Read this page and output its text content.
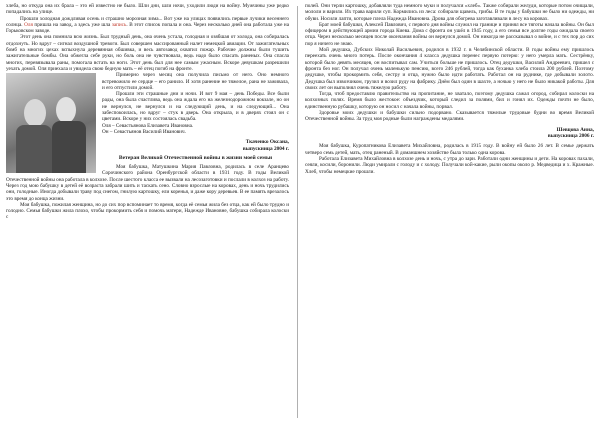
хлеба, но откуда она их брала – это ей известно не было. Шли дни, шли ночи, уходили люди на войну. Мужчины уже редко попадались на улице.

Прошли холодная дождливая осень и страшно морозная зима... Вот уже на улицах появились первые лучики весеннего солнца. Оля пришла на завод, а здесь уже шла запись. В этот список попала и она. Через несколько дней она работала уже на Горьковском заводе.

Этот день она помнила всю жизнь. Был трудный день, она очень устала, голодная и озябшая от холода, она собиралась отдохнуть. Но вдруг – сигнал воздушной тревоги. Был совершен массированный налет немецкой авиации. От зажигательных бомб на многих цехах вспыхнула деревянная обшивка, и весь автозавод охватил пожар. Рабочие должны были тушить зажигательные бомбы. Она обжегла себе руки, но боль она не чувствовала, ведь надо было спасать раненых. Она спасла многих, перевязывала раны, помогала встать на ноги. Этот день был для нее самым ужасным. Вскоре девушкам разрешили уехать домой. Оля приехала и увидела свою бедную мать – её отец погиб на фронте.

Примерно через месяц она получила письмо от него. Оно немного встревожило ее сердце – его ранило. И хотя ранение не тяжелое, рана не заживала, и его отпустили домой.

Прошли эти страшные дни и ночи. И вот 9 мая – день Победы. Все были рады, она была счастлива, ведь она ждала его на железнодорожном вокзале, но он не вернулся, не вернулся и на следующий день, и на следующий... Она забеспокоилась, но вдруг – стук в дверь. Она открыла, и в дверях стоял он с цветами. Вскоре у них состоялась свадьба.

Оля – Севастьянова Елизавета Ивановна.

Он – Севастьянов Василий Иванович.

Ткаченко Оксана,
выпускница 2004 г.
Ветеран Великой Отечественной войны в жизни моей семьи

Моя бабушка, Матушкина Мария Павловна, родилась в селе Аранцево Сорочинского района Оренбургской области в 1931 году. В годы Великой Отечественной войны она работала в колхозе. После шестого класса ее вызвали на лесозаготовки и послали в колхоз на работу. Через год мою бабушку в детей её возраста забрали шить и таскать сено. Словно взрослые на коровах, день и ночь трудились они, голодные. Иногда добывали траву под снегом, гнилую картошку, ели коренья, и даже кору деревьев. В ее память врезалось это время до конца жизни.

Моя бабушка, пожилая женщина, но до сих пор вспоминает то время, когда её семья жила без отца, как ей было трудно и голодно. Семья бабушки жила плохо, чтобы прокормить себя и помочь матери, Надежде Ивановне, бабушка собирала колоски с

полей. Они терли картошку, добавляли туда немного муки и получался «хлеб». Также собирали желуди, которые потом очищали, мололи и варили. Их трава варили суп. Кормились из леса: собирали щавель, грибы. В те годы у бабушки не было ни одежды, ни обуви. Носили лапти, которые плела Надежда Ивановна. Дрова для обогрева заготавливали в лесу на коровах.

Брат моей бабушки, Алексей Павлович, с первого дня войны служил на границе и принял все тяготы начала войны. Он был офицером в действующей армии города Киева. Дома с фронта он ушёл в 1945 году, а его семья все долгие годы ожидала своего отца. Через несколько месяцев после окончания войны он вернулся домой. Он никогда не рассказывал о войне, и с тех пор до сих пор я ничего не знаю.

Мой дедушка, Дубских Николай Васильевич, родился в 1932 г. в Челябинской области. В годы войны ему пришлось переехать очень много потерь. После окончания 4 класса дедушка перенес первую потерю: у него умерла мать. Сестрёнку, которой было девять месяцев, он воспитывал сам. Учиться больше не пришлось. Отец дедушки, Василий Андреевич, пришел с фронта без ног. Он получал очень маленькую пенсию, всего 246 рублей, тогда как буханка хлеба стоила 200 рублей. Поэтому дедушке, чтобы прокормить себя, сестру и отца, нужно было идти работать. Работал он на руднике, где добывали золото. Дедушка был извозчиком, грузил и возил руду на фабрику. Днём был один в шахте, а ночью у него не было никакой работы. Для своих лет он выполнял очень тяжелую работу.

Тогда, чтоб предоставлю правительство на пропитание, не хватало, поэтому дедушка сажал огород, собирал колоски на колхозных полях. Время было жестокое: объездчик, который следил за полями, бил и гонял их. Одежды почти не было, единственную рубашку, которую он носил с начала войны, порвал.

Здоровье моих дедушки и бабушки сильно подорвано. Сказывается тяжелые трудовые будни во время Великой Отечественной войны. За труд моя родные были награждены медалями.

Шевцова Анна,
выпускница 2006 г.

Моя бабушка, Куропатникова Елизавета Михайловна, родилась в 1915 году. В войну ей было 26 лет. В семье держать четверо семь детей, мать, отец раненый. В доманшнем хозяйстве была только одна корова.

Работала Елизавета Михайловна в колхозе день и ночь, с утра до зари. Работали одни женщины и дети. На коровах пахали, сеяли, косили, боронили. Люди умирали с голоду и с холоду. Получали кой-какие, рыли окопы около р. Медведица и х. Кражные. Хлеб, чтобы немецкие прошли.
